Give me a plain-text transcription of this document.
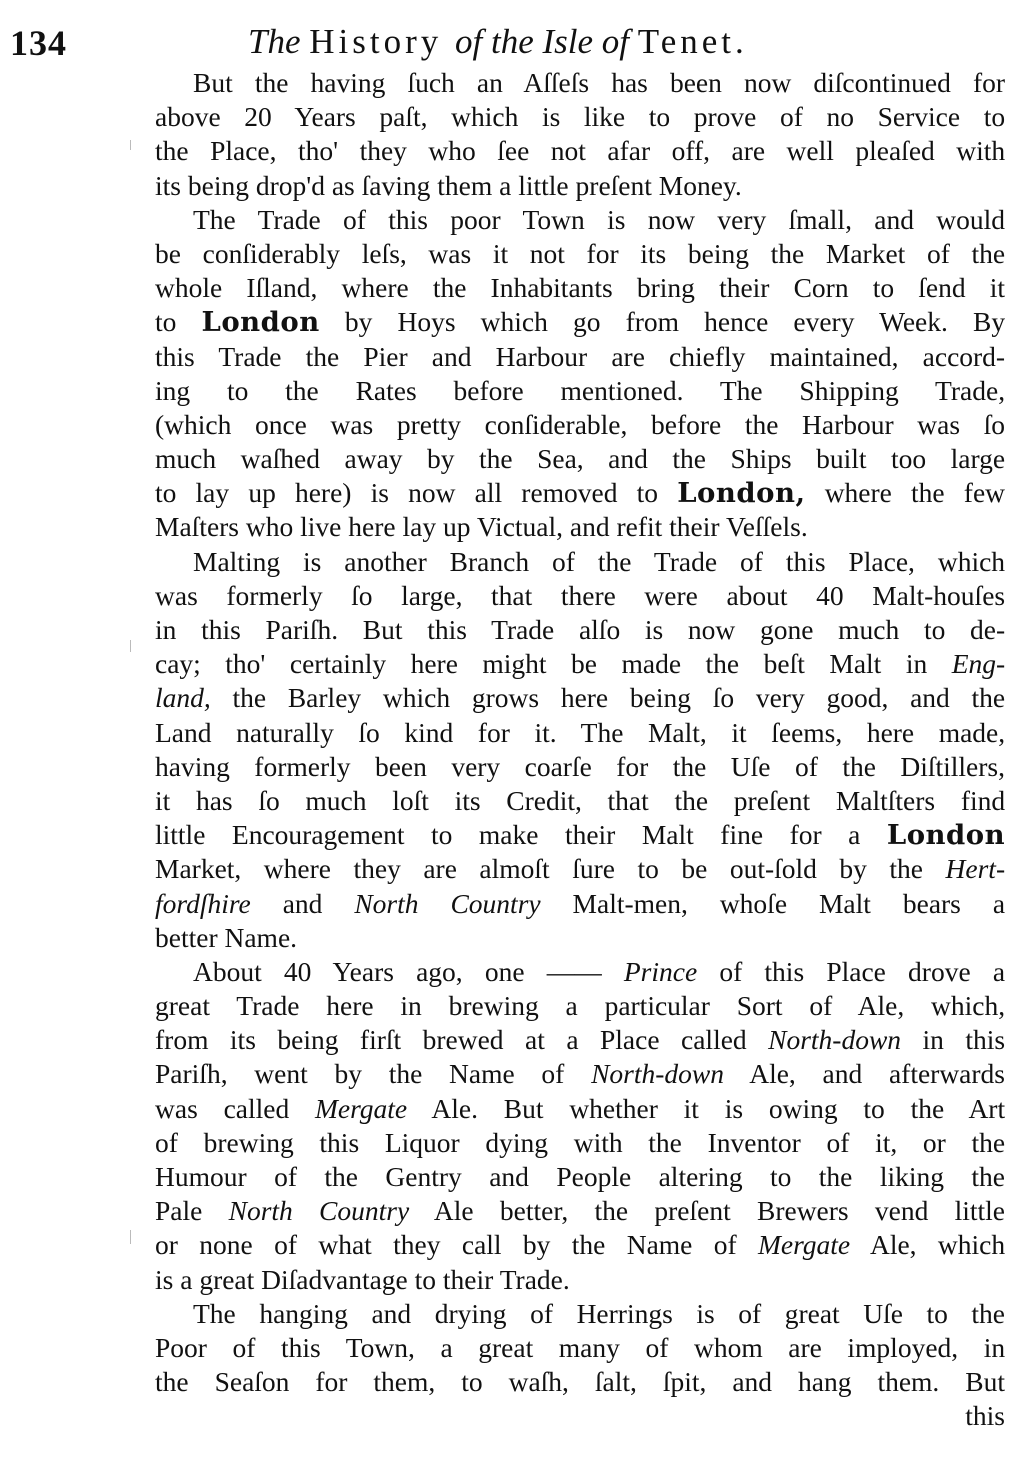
134	The History of the Isle of Tenet.
But the having ſuch an Aſſeſs has been now diſcontinued for
above 20 Years paſt, which is like to prove of no Service to
the Place, tho' they who ſee not afar off, are well pleaſed with
its being drop'd as ſaving them a little preſent Money.
The Trade of this poor Town is now very ſmall, and would
be conſiderably leſs, was it not for its being the Market of the
whole Iſland, where the Inhabitants bring their Corn to ſend it
to London by Hoys which go from hence every Week. By
this Trade the Pier and Harbour are chiefly maintained, accord-
ing to the Rates before mentioned. The Shipping Trade,
(which once was pretty conſiderable, before the Harbour was ſo
much waſhed away by the Sea, and the Ships built too large
to lay up here) is now all removed to London, where the few
Maſters who live here lay up Victual, and refit their Veſſels.
Malting is another Branch of the Trade of this Place, which
was formerly ſo large, that there were about 40 Malt-houſes
in this Pariſh. But this Trade alſo is now gone much to de-
cay; tho' certainly here might be made the beſt Malt in Eng-
land, the Barley which grows here being ſo very good, and the
Land naturally ſo kind for it. The Malt, it ſeems, here made,
having formerly been very coarſe for the Uſe of the Diſtillers,
it has ſo much loſt its Credit, that the preſent Maltſters find
little Encouragement to make their Malt fine for a London
Market, where they are almoſt ſure to be out-ſold by the Hert-
fordſhire and North Country Malt-men, whoſe Malt bears a
better Name.
About 40 Years ago, one —— Prince of this Place drove a
great Trade here in brewing a particular Sort of Ale, which,
from its being firſt brewed at a Place called North-down in this
Pariſh, went by the Name of North-down Ale, and afterwards
was called Mergate Ale. But whether it is owing to the Art
of brewing this Liquor dying with the Inventor of it, or the
Humour of the Gentry and People altering to the liking the
Pale North Country Ale better, the preſent Brewers vend little
or none of what they call by the Name of Mergate Ale, which
is a great Diſadvantage to their Trade.
The hanging and drying of Herrings is of great Uſe to the
Poor of this Town, a great many of whom are imployed, in
the Seaſon for them, to waſh, ſalt, ſpit, and hang them. But
this
